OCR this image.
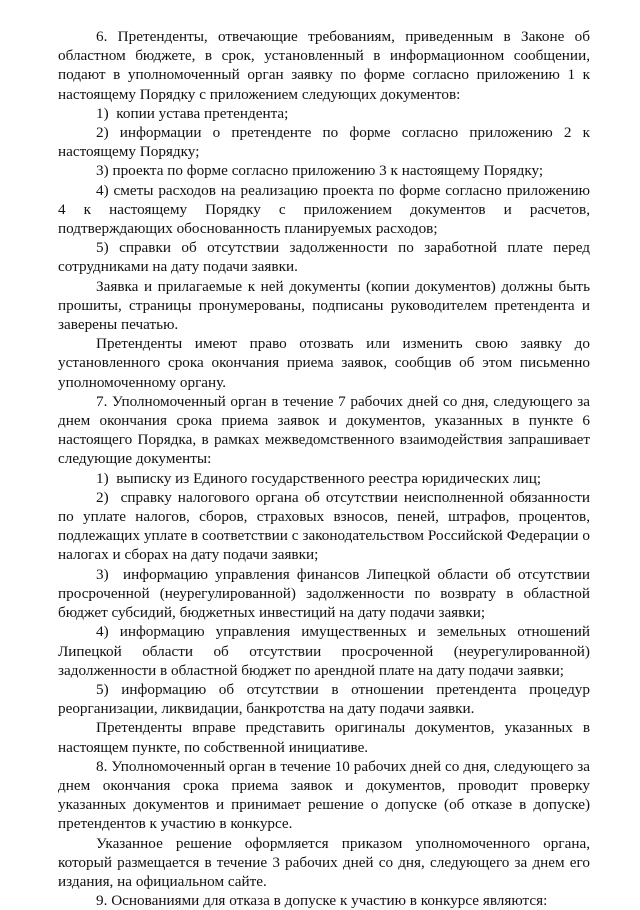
6. Претенденты, отвечающие требованиям, приведенным в Законе об областном бюджете, в срок, установленный в информационном сообщении, подают в уполномоченный орган заявку по форме согласно приложению 1 к настоящему Порядку с приложением следующих документов:

1)  копии устава претендента;

2) информации о претенденте по форме согласно приложению 2 к настоящему Порядку;

3) проекта по форме согласно приложению 3 к настоящему Порядку;

4) сметы расходов на реализацию проекта по форме согласно приложению 4 к настоящему Порядку с приложением документов и расчетов, подтверждающих обоснованность планируемых расходов;

5) справки об отсутствии задолженности по заработной плате перед сотрудниками на дату подачи заявки.

Заявка и прилагаемые к ней документы (копии документов) должны быть прошиты, страницы пронумерованы, подписаны руководителем претендента и заверены печатью.

Претенденты имеют право отозвать или изменить свою заявку до установленного срока окончания приема заявок, сообщив об этом письменно уполномоченному органу.

7. Уполномоченный орган в течение 7 рабочих дней со дня, следующего за днем окончания срока приема заявок и документов, указанных в пункте 6 настоящего Порядка, в рамках межведомственного взаимодействия запрашивает следующие документы:

1)  выписку из Единого государственного реестра юридических лиц;

2)  справку налогового органа об отсутствии неисполненной обязанности по уплате налогов, сборов, страховых взносов, пеней, штрафов, процентов, подлежащих уплате в соответствии с законодательством Российской Федерации о налогах и сборах на дату подачи заявки;

3)  информацию управления финансов Липецкой области об отсутствии просроченной (неурегулированной) задолженности по возврату в областной бюджет субсидий, бюджетных инвестиций на дату подачи заявки;

4) информацию управления имущественных и земельных отношений Липецкой области об отсутствии просроченной (неурегулированной) задолженности в областной бюджет по арендной плате на дату подачи заявки;

5) информацию об отсутствии в отношении претендента процедур реорганизации, ликвидации, банкротства на дату подачи заявки.

Претенденты вправе представить оригиналы документов, указанных в настоящем пункте, по собственной инициативе.

8. Уполномоченный орган в течение 10 рабочих дней со дня, следующего за днем окончания срока приема заявок и документов, проводит проверку указанных документов и принимает решение о допуске (об отказе в допуске) претендентов к участию в конкурсе.

Указанное решение оформляется приказом уполномоченного органа, который размещается в течение 3 рабочих дней со дня, следующего за днем его издания, на официальном сайте.

9. Основаниями для отказа в допуске к участию в конкурсе являются:
